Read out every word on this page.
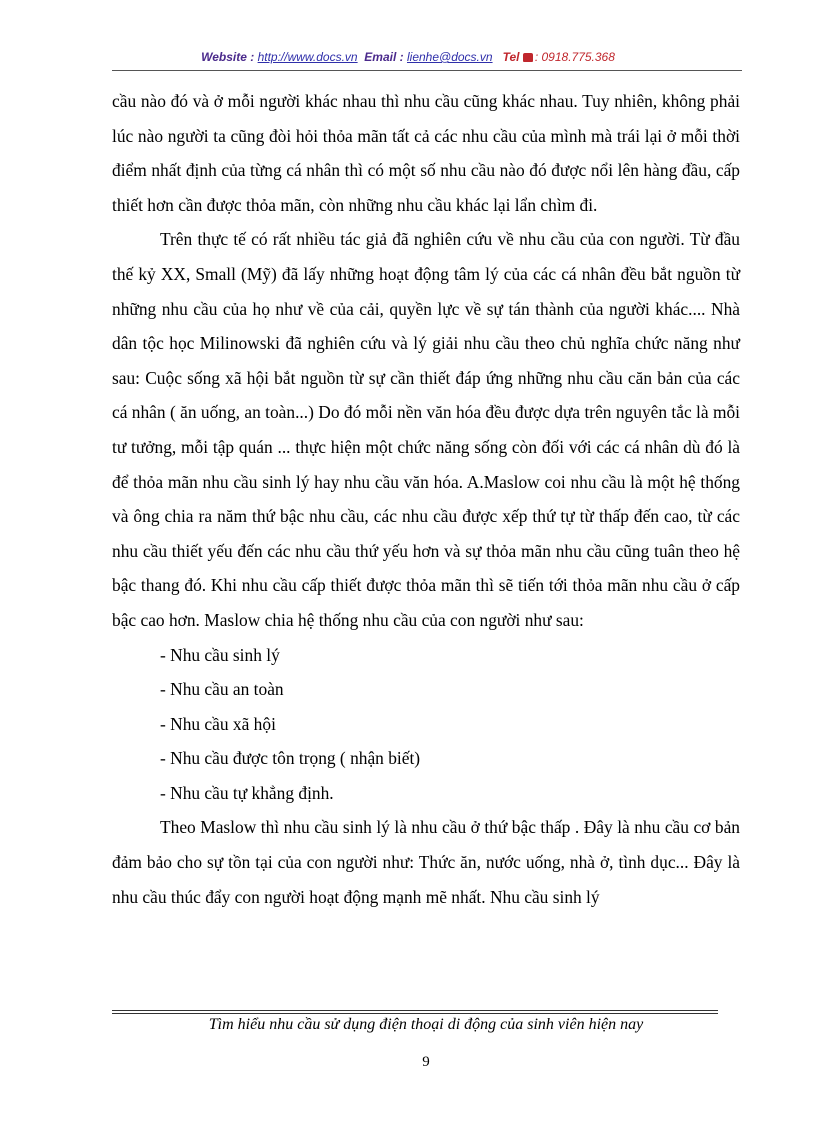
Website : http://www.docs.vn Email : lienhe@docs.vn Tel : 0918.775.368

cầu nào đó và ở mỗi người khác nhau thì nhu cầu cũng khác nhau. Tuy nhiên, không phải lúc nào người ta cũng đòi hỏi thỏa mãn tất cả các nhu cầu của mình mà trái lại ở mỗi thời điểm nhất định của từng cá nhân thì có một số nhu cầu nào đó được nổi lên hàng đầu, cấp thiết hơn cần được thỏa mãn, còn những nhu cầu khác lại lẩn chìm đi.

Trên thực tế có rất nhiều tác giả đã nghiên cứu về nhu cầu của con người. Từ đầu thế kỷ XX, Small (Mỹ) đã lấy những hoạt động tâm lý của các cá nhân đều bắt nguồn từ những nhu cầu của họ như về của cải, quyền lực về sự tán thành của người khác.... Nhà dân tộc học Milinowski đã nghiên cứu và lý giải nhu cầu theo chủ nghĩa chức năng như sau: Cuộc sống xã hội bắt nguồn từ sự cần thiết đáp ứng những nhu cầu căn bản của các cá nhân ( ăn uống, an toàn...) Do đó mỗi nền văn hóa đều được dựa trên nguyên tắc là mỗi tư tưởng, mỗi tập quán ... thực hiện một chức năng sống còn đối với các cá nhân dù đó là để thỏa mãn nhu cầu sinh lý hay nhu cầu văn hóa. A.Maslow coi nhu cầu là một hệ thống và ông chia ra năm thứ bậc nhu cầu, các nhu cầu được xếp thứ tự từ thấp đến cao, từ các nhu cầu thiết yếu đến các nhu cầu thứ yếu hơn và sự thỏa mãn nhu cầu cũng tuân theo hệ bậc thang đó. Khi nhu cầu cấp thiết được thỏa mãn thì sẽ tiến tới thỏa mãn nhu cầu ở cấp bậc cao hơn. Maslow chia hệ thống nhu cầu của con người như sau:

- Nhu cầu sinh lý

- Nhu cầu an toàn

- Nhu cầu xã hội

- Nhu cầu được tôn trọng ( nhận biết)

- Nhu cầu tự khẳng định.

Theo Maslow thì nhu cầu sinh lý là nhu cầu ở thứ bậc thấp . Đây là nhu cầu cơ bản đảm bảo cho sự tồn tại của con người như: Thức ăn, nước uống, nhà ở, tình dục... Đây là nhu cầu thúc đẩy con người hoạt động mạnh mẽ nhất. Nhu cầu sinh lý

Tìm hiểu nhu cầu sử dụng điện thoại di động của sinh viên hiện nay
9
